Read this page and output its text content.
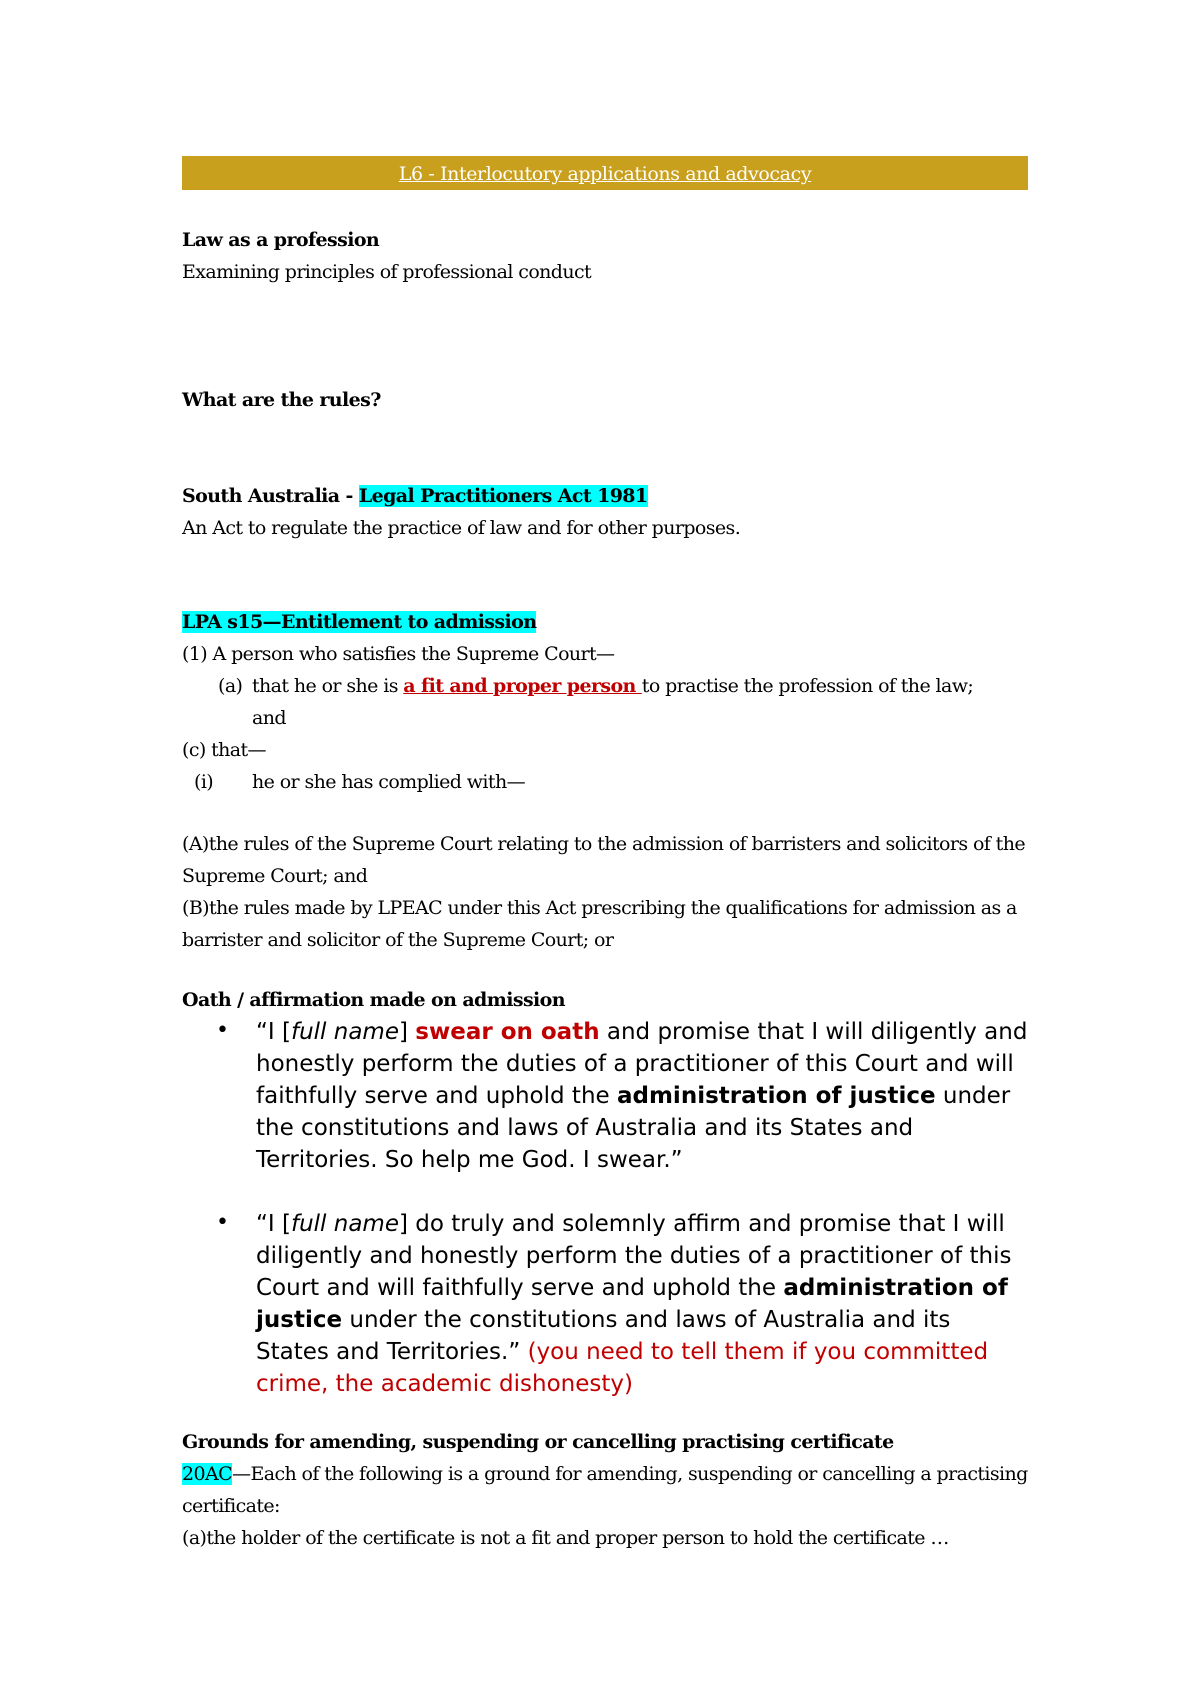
L6 - Interlocutory applications and advocacy
Law as a profession
Examining principles of professional conduct
What are the rules?
South Australia - Legal Practitioners Act 1981
An Act to regulate the practice of law and for other purposes.
LPA s15—Entitlement to admission
(1) A person who satisfies the Supreme Court—
(a) that he or she is a fit and proper person to practise the profession of the law;
and
(c) that—
(i) he or she has complied with—
(A)the rules of the Supreme Court relating to the admission of barristers and solicitors of the Supreme Court; and
(B)the rules made by LPEAC under this Act prescribing the qualifications for admission as a barrister and solicitor of the Supreme Court; or
Oath / affirmation made on admission
• “I [full name] swear on oath and promise that I will diligently and honestly perform the duties of a practitioner of this Court and will faithfully serve and uphold the administration of justice under the constitutions and laws of Australia and its States and Territories. So help me God. I swear.”
• “I [full name] do truly and solemnly affirm and promise that I will diligently and honestly perform the duties of a practitioner of this Court and will faithfully serve and uphold the administration of justice under the constitutions and laws of Australia and its States and Territories.” (you need to tell them if you committed crime, the academic dishonesty)
Grounds for amending, suspending or cancelling practising certificate
20AC—Each of the following is a ground for amending, suspending or cancelling a practising certificate:
(a)the holder of the certificate is not a fit and proper person to hold the certificate …
